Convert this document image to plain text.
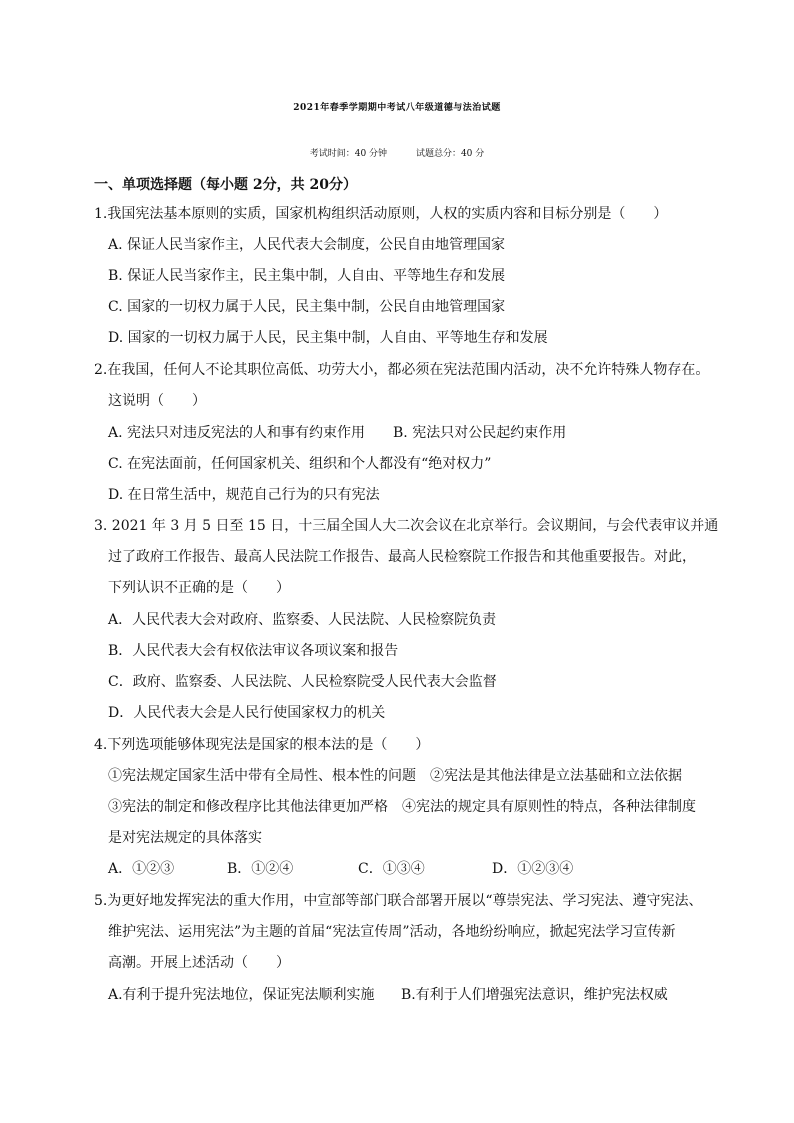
2021年春季学期期中考试八年级道德与法治试题
考试时间：40 分钟	试题总分：40 分
一、单项选择题（每小题 2分，共 20分）
1.我国宪法基本原则的实质，国家机构组织活动原则，人权的实质内容和目标分别是（　　）
A. 保证人民当家作主，人民代表大会制度，公民自由地管理国家
B. 保证人民当家作主，民主集中制，人自由、平等地生存和发展
C. 国家的一切权力属于人民，民主集中制，公民自由地管理国家
D. 国家的一切权力属于人民，民主集中制，人自由、平等地生存和发展
2.在我国，任何人不论其职位高低、功劳大小，都必须在宪法范围内活动，决不允许特殊人物存在。
这说明（　　）
A. 宪法只对违反宪法的人和事有约束作用 B. 宪法只对公民起约束作用
C. 在宪法面前，任何国家机关、组织和个人都没有“绝对权力”
D. 在日常生活中，规范自己行为的只有宪法
3. 2021 年 3 月 5 日至 15 日，十三届全国人大二次会议在北京举行。会议期间，与会代表审议并通
过了政府工作报告、最高人民法院工作报告、最高人民检察院工作报告和其他重要报告。对此，
下列认识不正确的是（　　）
A．人民代表大会对政府、监察委、人民法院、人民检察院负责
B．人民代表大会有权依法审议各项议案和报告
C．政府、监察委、人民法院、人民检察院受人民代表大会监督
D．人民代表大会是人民行使国家权力的机关
4.下列选项能够体现宪法是国家的根本法的是（　　）
①宪法规定国家生活中带有全局性、根本性的问题　②宪法是其他法律是立法基础和立法依据
③宪法的制定和修改程序比其他法律更加严格　④宪法的规定具有原则性的特点，各种法律制度
是对宪法规定的具体落实
A．①②③	B．①②④	C．①③④	D．①②③④
5.为更好地发挥宪法的重大作用，中宣部等部门联合部署开展以“尊崇宪法、学习宪法、遵守宪法、
维护宪法、运用宪法”为主题的首届“宪法宣传周”活动，各地纷纷响应，掀起宪法学习宣传新
高潮。开展上述活动（　　）
A.有利于提升宪法地位，保证宪法顺利实施 B.有利于人们增强宪法意识，维护宪法权威
